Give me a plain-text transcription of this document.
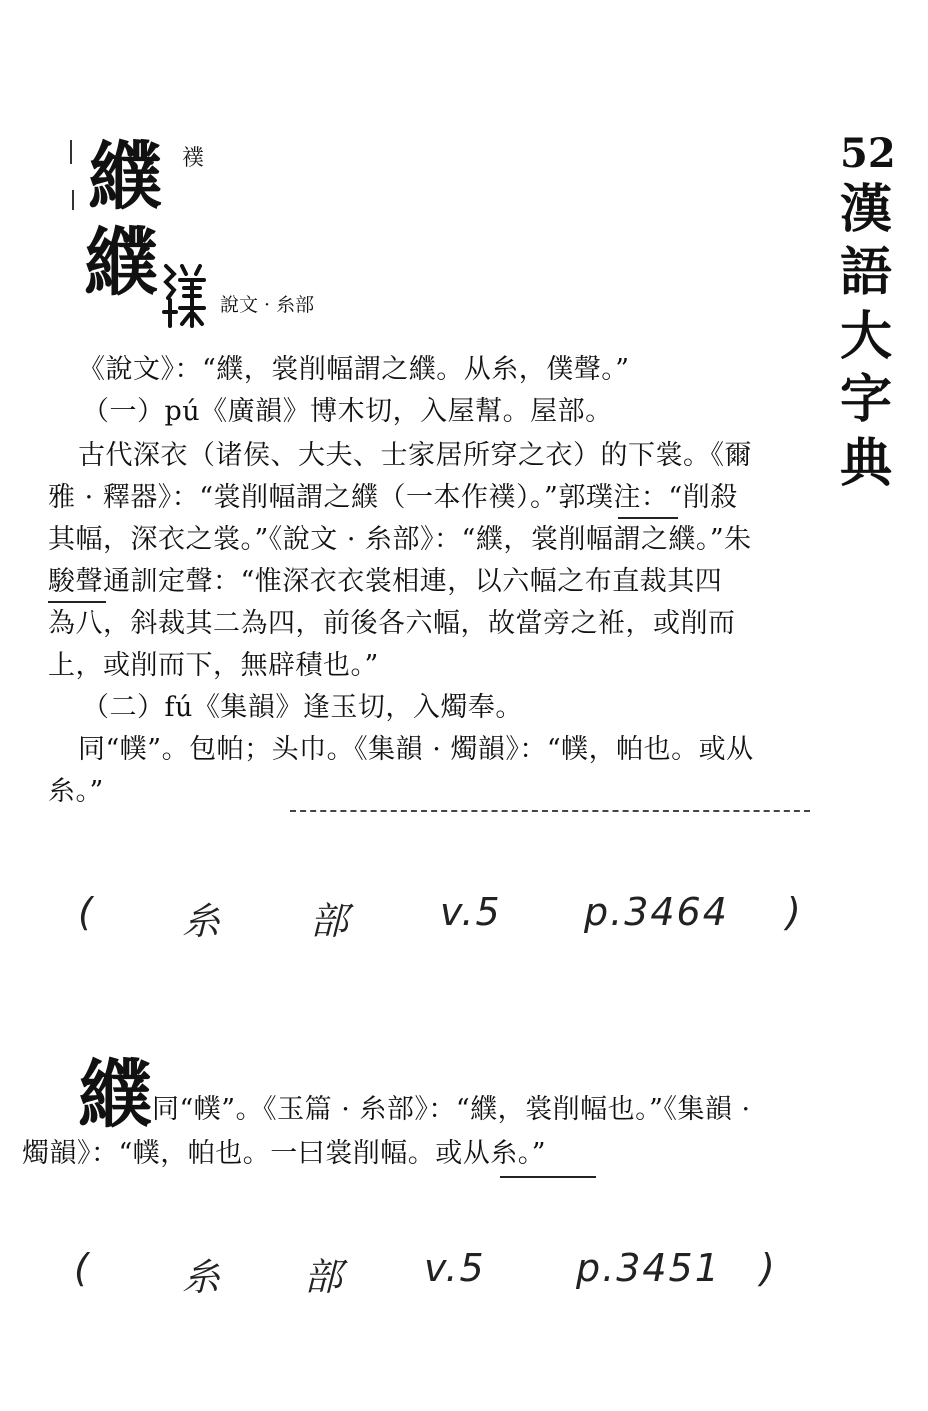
52
漢
語
大
字
典
纀 襆
纀	說文 · 糸部
《說文》：“纀，裳削幅謂之纀。从糸，僕聲。”
（一）pú《廣韻》博木切，入屋幫。屋部。
古代深衣（诸侯、大夫、士家居所穿之衣）的下裳。《爾
雅 · 釋器》：“裳削幅謂之纀（一本作襆）。”郭璞注：“削殺
其幅，深衣之裳。”《說文 · 糸部》：“纀，裳削幅謂之纀。”朱
駿聲通訓定聲：“惟深衣衣裳相連，以六幅之布直裁其四
為八，斜裁其二為四，前後各六幅，故當旁之袵，或削而
上，或削而下，無辟積也。”
（二）fú《集韻》逢玉切，入燭奉。
同“幞”。包帕；头巾。《集韻 · 燭韻》：“幞，帕也。或从
糸。”
( 糸 部 v.5 p.3464 )
纀 同“幞”。《玉篇 · 糸部》：“纀，裳削幅也。”《集韻 ·
燭韻》：“幞，帕也。一曰裳削幅。或从糸。”
( 糸 部 v.5 p.3451 )
